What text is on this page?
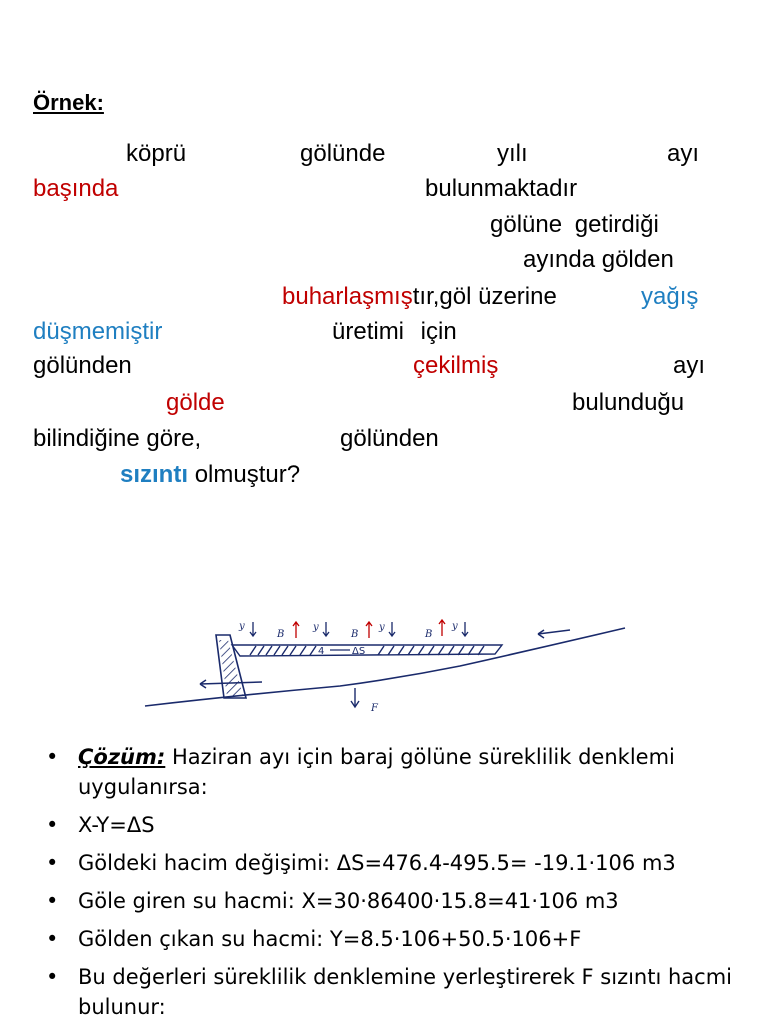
Örnek:
köprü	gölünde	yılı	ayı
başında	bulunmaktadır
gölüne getirdiği
ayında gölden
buharlaşmıştır,göl üzerine	yağış
düşmemiştir	üretimi için
gölünden	çekilmiş	ayı
gölde	bulunduğu
bilindiğine göre,	gölünden
sızıntı olmuştur?
4	ΔS
F
y
B
y
B
y
B
y
• Çözüm: Haziran ayı için baraj gölüne süreklilik denklemi uygulanırsa:
• X-Y=ΔS
• Göldeki hacim değişimi: ΔS=476.4-495.5= -19.1·106 m3
• Göle giren su hacmi: X=30·86400·15.8=41·106 m3
• Gölden çıkan su hacmi: Y=8.5·106+50.5·106+F
• Bu değerleri süreklilik denklemine yerleştirerek F sızıntı hacmi bulunur:
